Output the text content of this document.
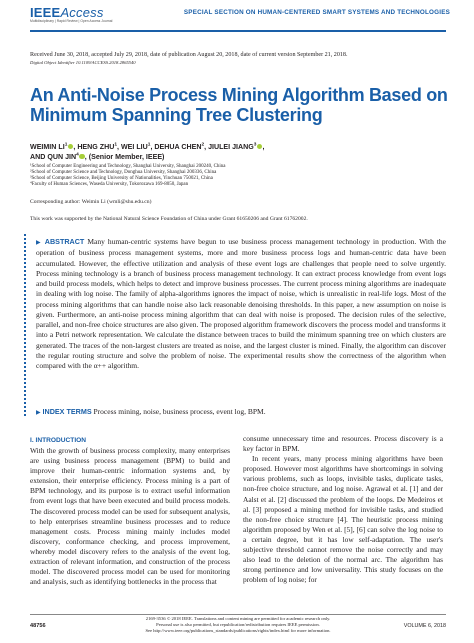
IEEEAccess
Multidisciplinary | Rapid Review | Open Access Journal
SPECIAL SECTION ON HUMAN-CENTERED SMART SYSTEMS AND TECHNOLOGIES
Received June 30, 2018, accepted July 29, 2018, date of publication August 20, 2018, date of current version September 21, 2018.
Digital Object Identifier 10.1109/ACCESS.2018.2865540
An Anti-Noise Process Mining Algorithm Based on Minimum Spanning Tree Clustering
WEIMIN $LI^1$ , HENG ZHU$^1$, WEI LIU$^1$, DEHUA CHEN$^2$, JIULEI JIANG$^3$ ,
AND QUN JIN$^4$ , (Senior Member, IEEE)
¹School of Computer Engineering and Technology, Shanghai University, Shanghai 200240, China
²School of Computer Science and Technology, Donghua University, Shanghai 200336, China
³School of Computer Science, Beijing University of Nationalities, Yinchuan 750021, China
⁴Faculty of Human Sciences, Waseda University, Tokorozawa 169-8050, Japan
Corresponding author: Weimin Li (wmli@shu.edu.cn)
This work was supported by the National Natural Science Foundation of China under Grant 61650206 and Grant 61762002.
▶ ABSTRACT Many human-centric systems have begun to use business process management technology in production. With the operation of business process management systems, more and more business process logs and human-centric data have been accumulated. However, the effective utilization and analysis of these event logs are challenges that people need to solve urgently. Process mining technology is a branch of business process management technology. It can extract process knowledge from event logs and build process models, which helps to detect and improve business processes. The current process mining algorithms are inadequate in dealing with log noise. The family of alpha-algorithms ignores the impact of noise, which is unrealistic in real-life logs. Most of the process mining algorithms that can handle noise also lack reasonable denoising thresholds. In this paper, a new assumption on noise is given. Furthermore, an anti-noise process mining algorithm that can deal with noise is proposed. The decision rules of the selective, parallel, and non-free choice structures are also given. The proposed algorithm framework discovers the process model and transforms it into a Petri network representation. We calculate the distance between traces to build the minimum spanning tree on which clusters are generated. The traces of the non-largest clusters are treated as noise, and the largest cluster is mined. Finally, the algorithm can discover the regular routing structure and solve the problem of noise. The experimental results show the correctness of the algorithm when compared with the α++ algorithm.
▶ INDEX TERMS Process mining, noise, business process, event log, BPM.
I. INTRODUCTION

With the growth of business process complexity, many enterprises are using business process management (BPM) to build and improve their human-centric information systems and, by extension, their enterprise efficiency. Process mining is a part of BPM technology, and its purpose is to extract useful information from event logs that have been executed and build process models. The discovered process model can be used for subsequent analysis, to help enterprises streamline business processes and to reduce management costs. Process mining mainly includes model discovery, conformance checking, and process improvement, whereby model discovery refers to the analysis of the event log, extraction of relevant information, and construction of the process model. The discovered process model can be used for monitoring and analysis, such as identifying bottlenecks in the process that

consume unnecessary time and resources. Process discovery is a key factor in BPM.

In recent years, many process mining algorithms have been proposed. However most algorithms have shortcomings in solving various problems, such as loops, invisible tasks, duplicate tasks, non-free choice structure, and log noise. Agrawal et al. [1] and der Aalst et al. [2] discussed the problem of the loops. De Medeiros et al. [3] proposed a mining method for invisible tasks, and studied the non-free choice structure [4]. The heuristic process mining algorithm proposed by Wen et al. [5], [6] can solve the log noise to a certain degree, but it has low self-adaptation. The user's subjective threshold cannot remove the noise correctly and may also lead to the deletion of the normal arc. The algorithm has strong pertinence and low universality. This study focuses on the problem of log noise; for

48756
2169-3536 © 2018 IEEE. Translations and content mining are permitted for academic research only.
Personal use is also permitted, but republication/redistribution requires IEEE permission.
See http://www.ieee.org/publications_standards/publications/rights/index.html for more information.
VOLUME 6, 2018
